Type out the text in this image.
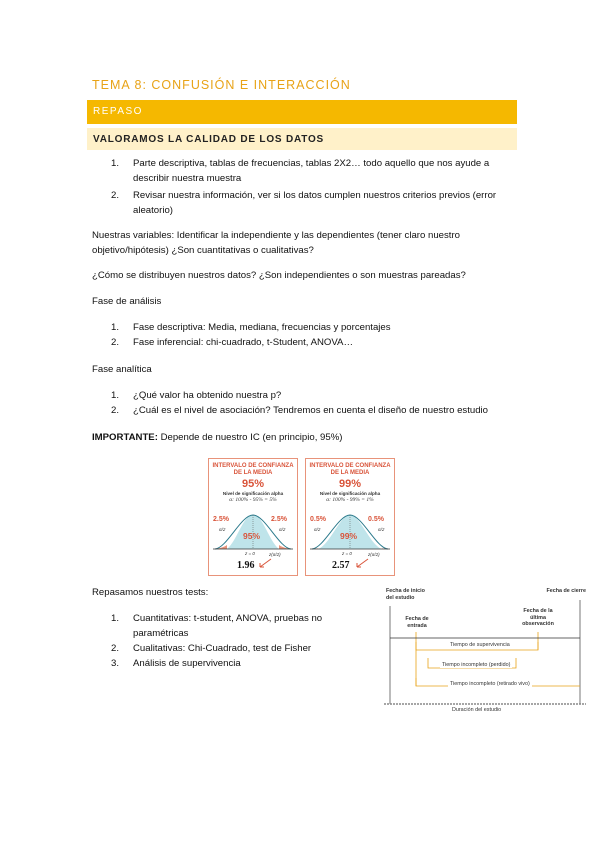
TEMA 8: CONFUSIÓN E INTERACCIÓN
REPASO
VALORAMOS LA CALIDAD DE LOS DATOS
1.	Parte descriptiva, tablas de frecuencias, tablas 2X2… todo aquello que nos ayude a
describir nuestra muestra
2.	Revisar nuestra información, ver si los datos cumplen nuestros criterios previos (error
aleatorio)
Nuestras variables: Identificar la independiente y las dependientes (tener claro nuestro
objetivo/hipótesis) ¿Son cuantitativas o cualitativas?
¿Cómo se distribuyen nuestros datos? ¿Son independientes o son muestras pareadas?
Fase de análisis
1.	Fase descriptiva: Media, mediana, frecuencias y porcentajes
2.	Fase inferencial: chi-cuadrado, t-Student, ANOVA…
Fase analítica
1.	¿Qué valor ha obtenido nuestra p?
2.	¿Cuál es el nivel de asociación? Tendremos en cuenta el diseño de nuestro estudio
IMPORTANTE: Depende de nuestro IC (en principio, 95%)
INTERVALO DE CONFIANZA
DE LA MEDIA
95%
Nivel de significación alpha
α: 100% - 95% = 5%
2.5%	2.5%
α/2	α/2
95%
z = 0	z(α/2)
1.96
INTERVALO DE CONFIANZA
DE LA MEDIA
99%
Nivel de significación alpha
α: 100% - 99% = 1%
0.5%	0.5%
α/2	α/2
99%
z = 0	z(α/2)
2.57
Repasamos nuestros tests:
1.	Cuantitativas: t-student, ANOVA, pruebas no
paramétricas
2.	Cualitativas: Chi-Cuadrado, test de Fisher
3.	Análisis de supervivencia
Fecha de inicio del estudio
Fecha de cierre
Fecha de entrada
Fecha de la última observación
Tiempo de supervivencia
Tiempo incompleto (perdido)
Tiempo incompleto (retirado vivo)
Duración del estudio
